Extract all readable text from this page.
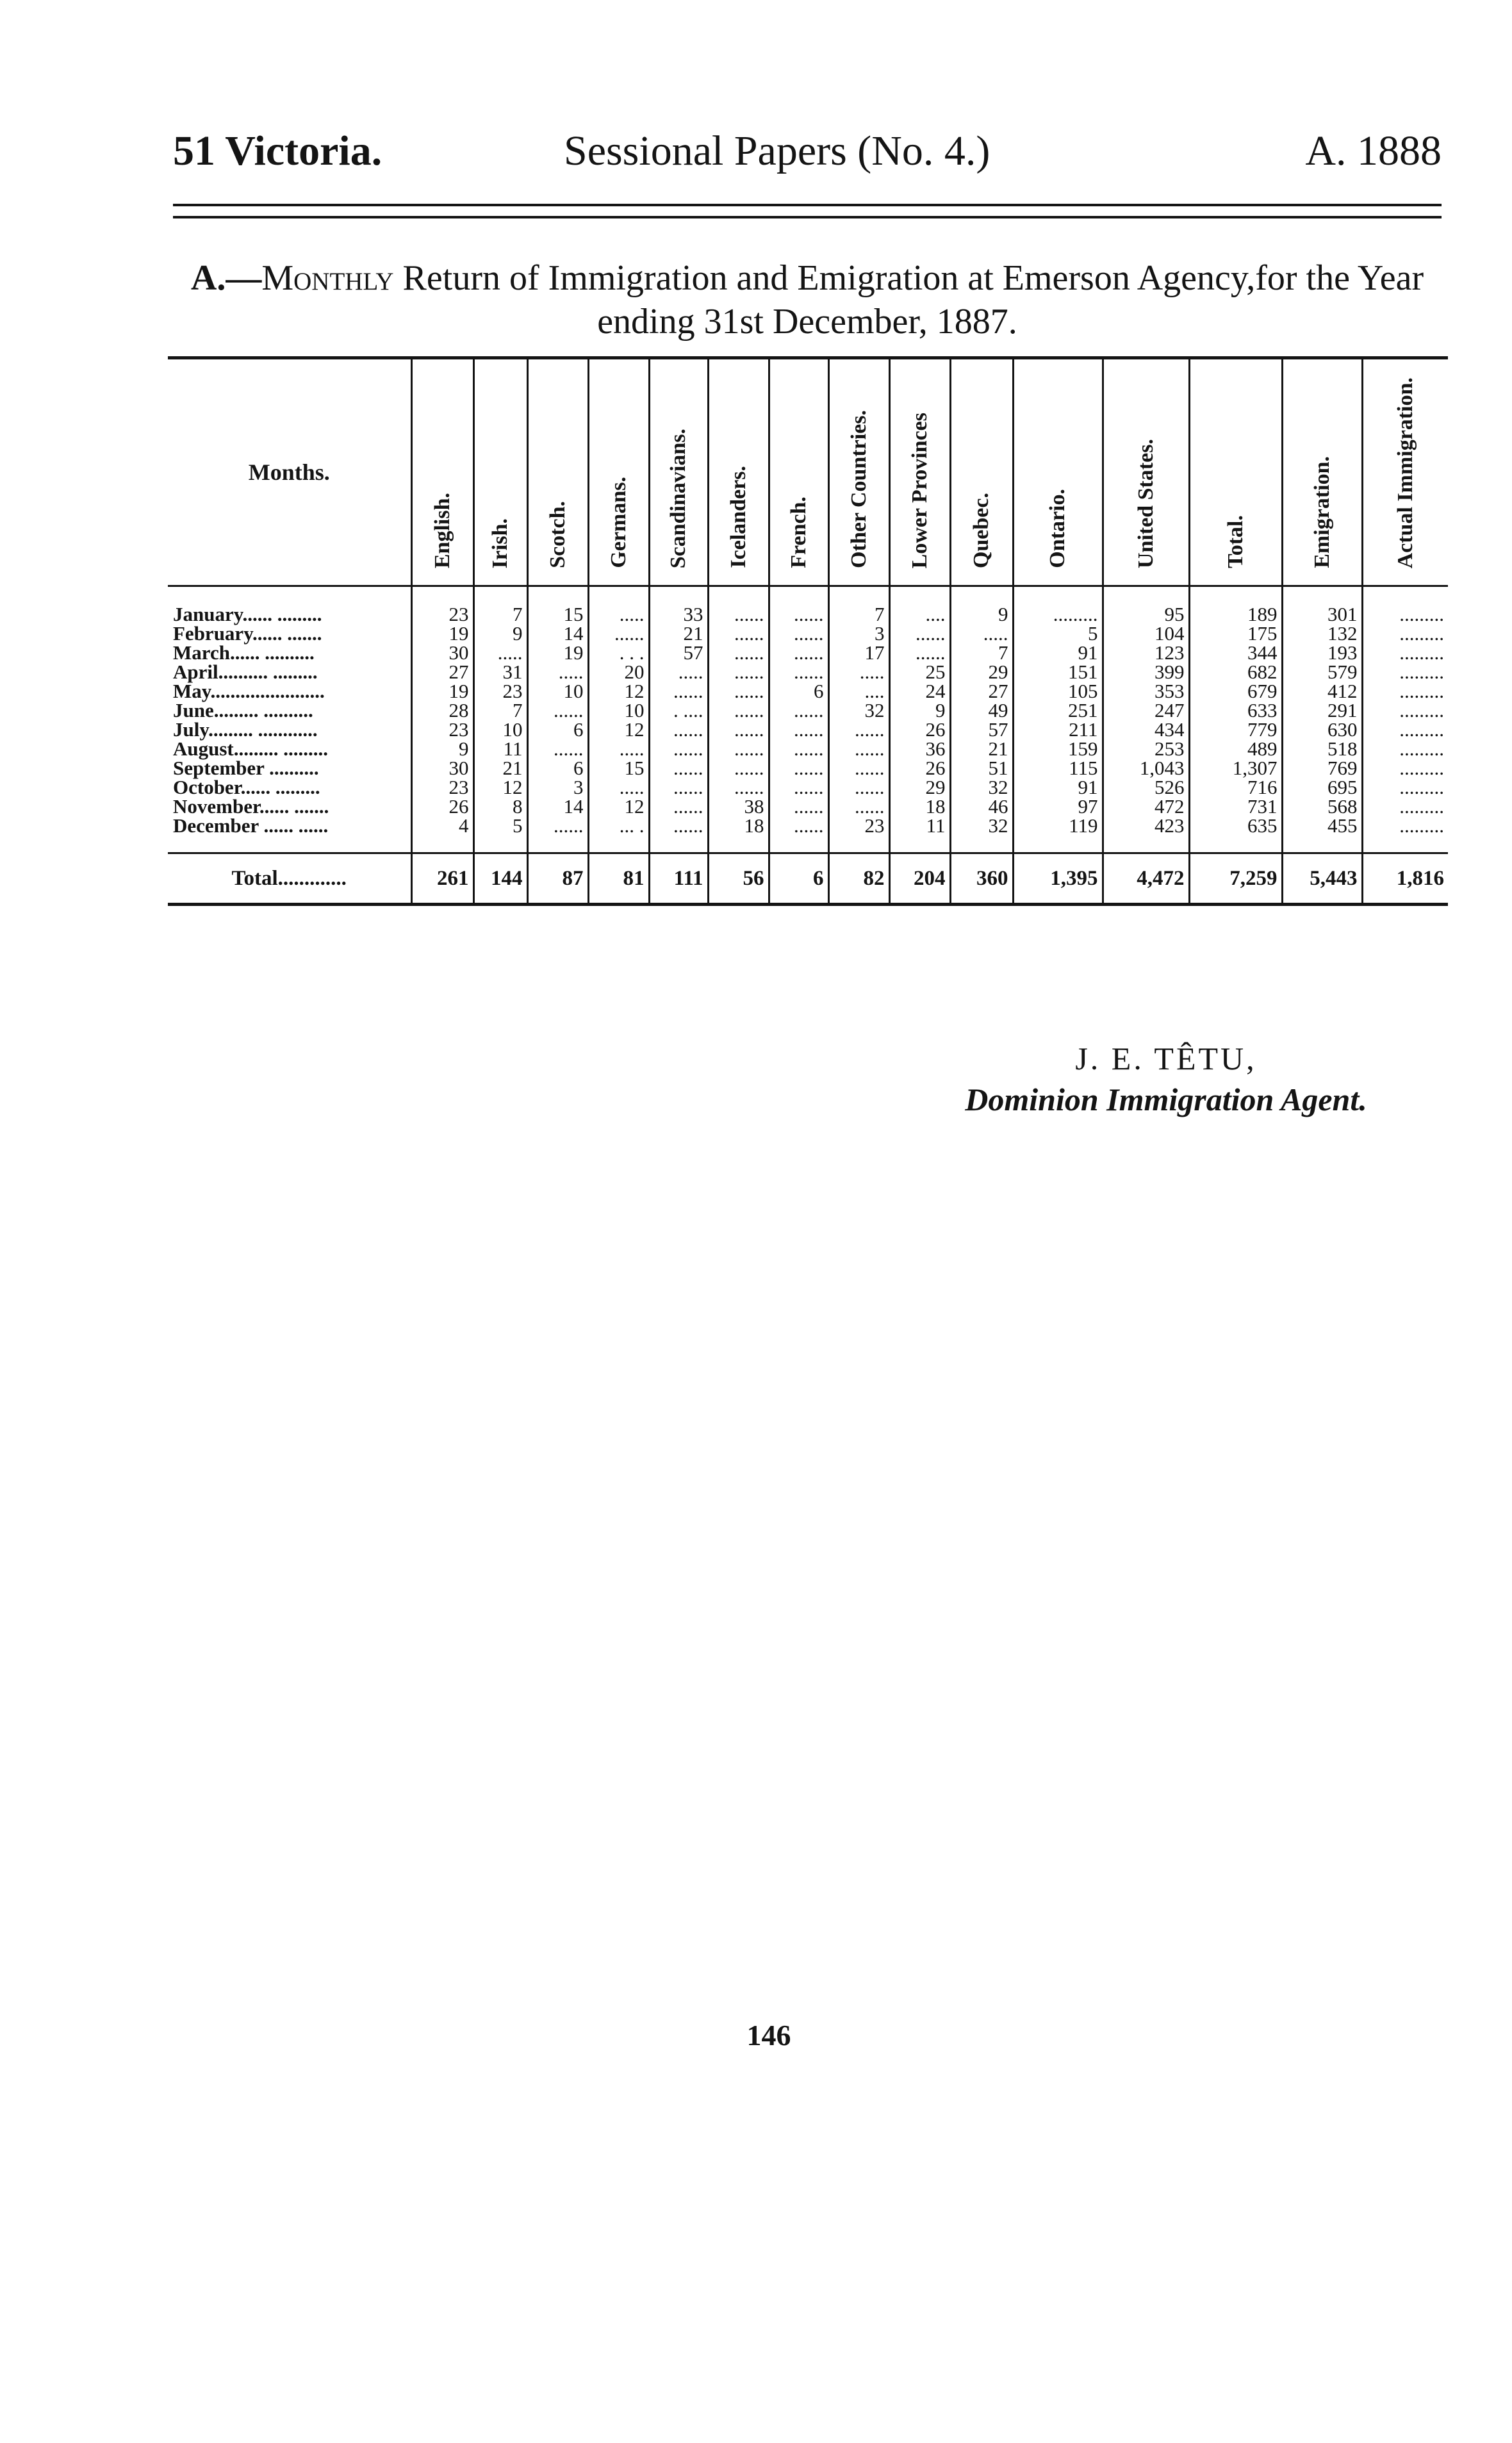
51 Victoria.	Sessional Papers (No. 4.)	A. 1888
A.—Monthly Return of Immigration and Emigration at Emerson Agency,for the Year
ending 31st December, 1887.
Months.	English.	Irish.	Scotch.	Germans.	Scandinavians.	Icelanders.	French.	Other Countries.	Lower Provinces	Quebec.	Ontario.	United States.	Total.	Emigration.	Actual Immigration.

January...... .........	23	7	15	.....	33	......	......	7	....	9	.........	95	189	301	.........
February...... .......	19	9	14	......	21	......	......	3	......	.....	5	104	175	132	.........
March...... ..........	30	.....	19	. . .	57	......	......	17	......	7	91	123	344	193	.........
April.......... .........	27	31	.....	20	.....	......	......	.....	25	29	151	399	682	579	.........
May.......................	19	23	10	12	......	......	6	....	24	27	105	353	679	412	.........
June......... ..........	28	7	......	10	. ....	......	......	32	9	49	251	247	633	291	.........
July......... ............	23	10	6	12	......	......	......	......	26	57	211	434	779	630	.........
August......... .........	9	11	......	.....	......	......	......	......	36	21	159	253	489	518	.........
September ..........	30	21	6	15	......	......	......	......	26	51	115	1,043	1,307	769	.........
October...... .........	23	12	3	.....	......	......	......	......	29	32	91	526	716	695	.........
November...... .......	26	8	14	12	......	38	......	......	18	46	97	472	731	568	.........
December ...... ......	4	5	......	... .	......	18	......	23	11	32	119	423	635	455	.........

Total.............	261	144	87	81	111	56	6	82	204	360	1,395	4,472	7,259	5,443	1,816
J. E. TÊTU,
Dominion Immigration Agent.
146
